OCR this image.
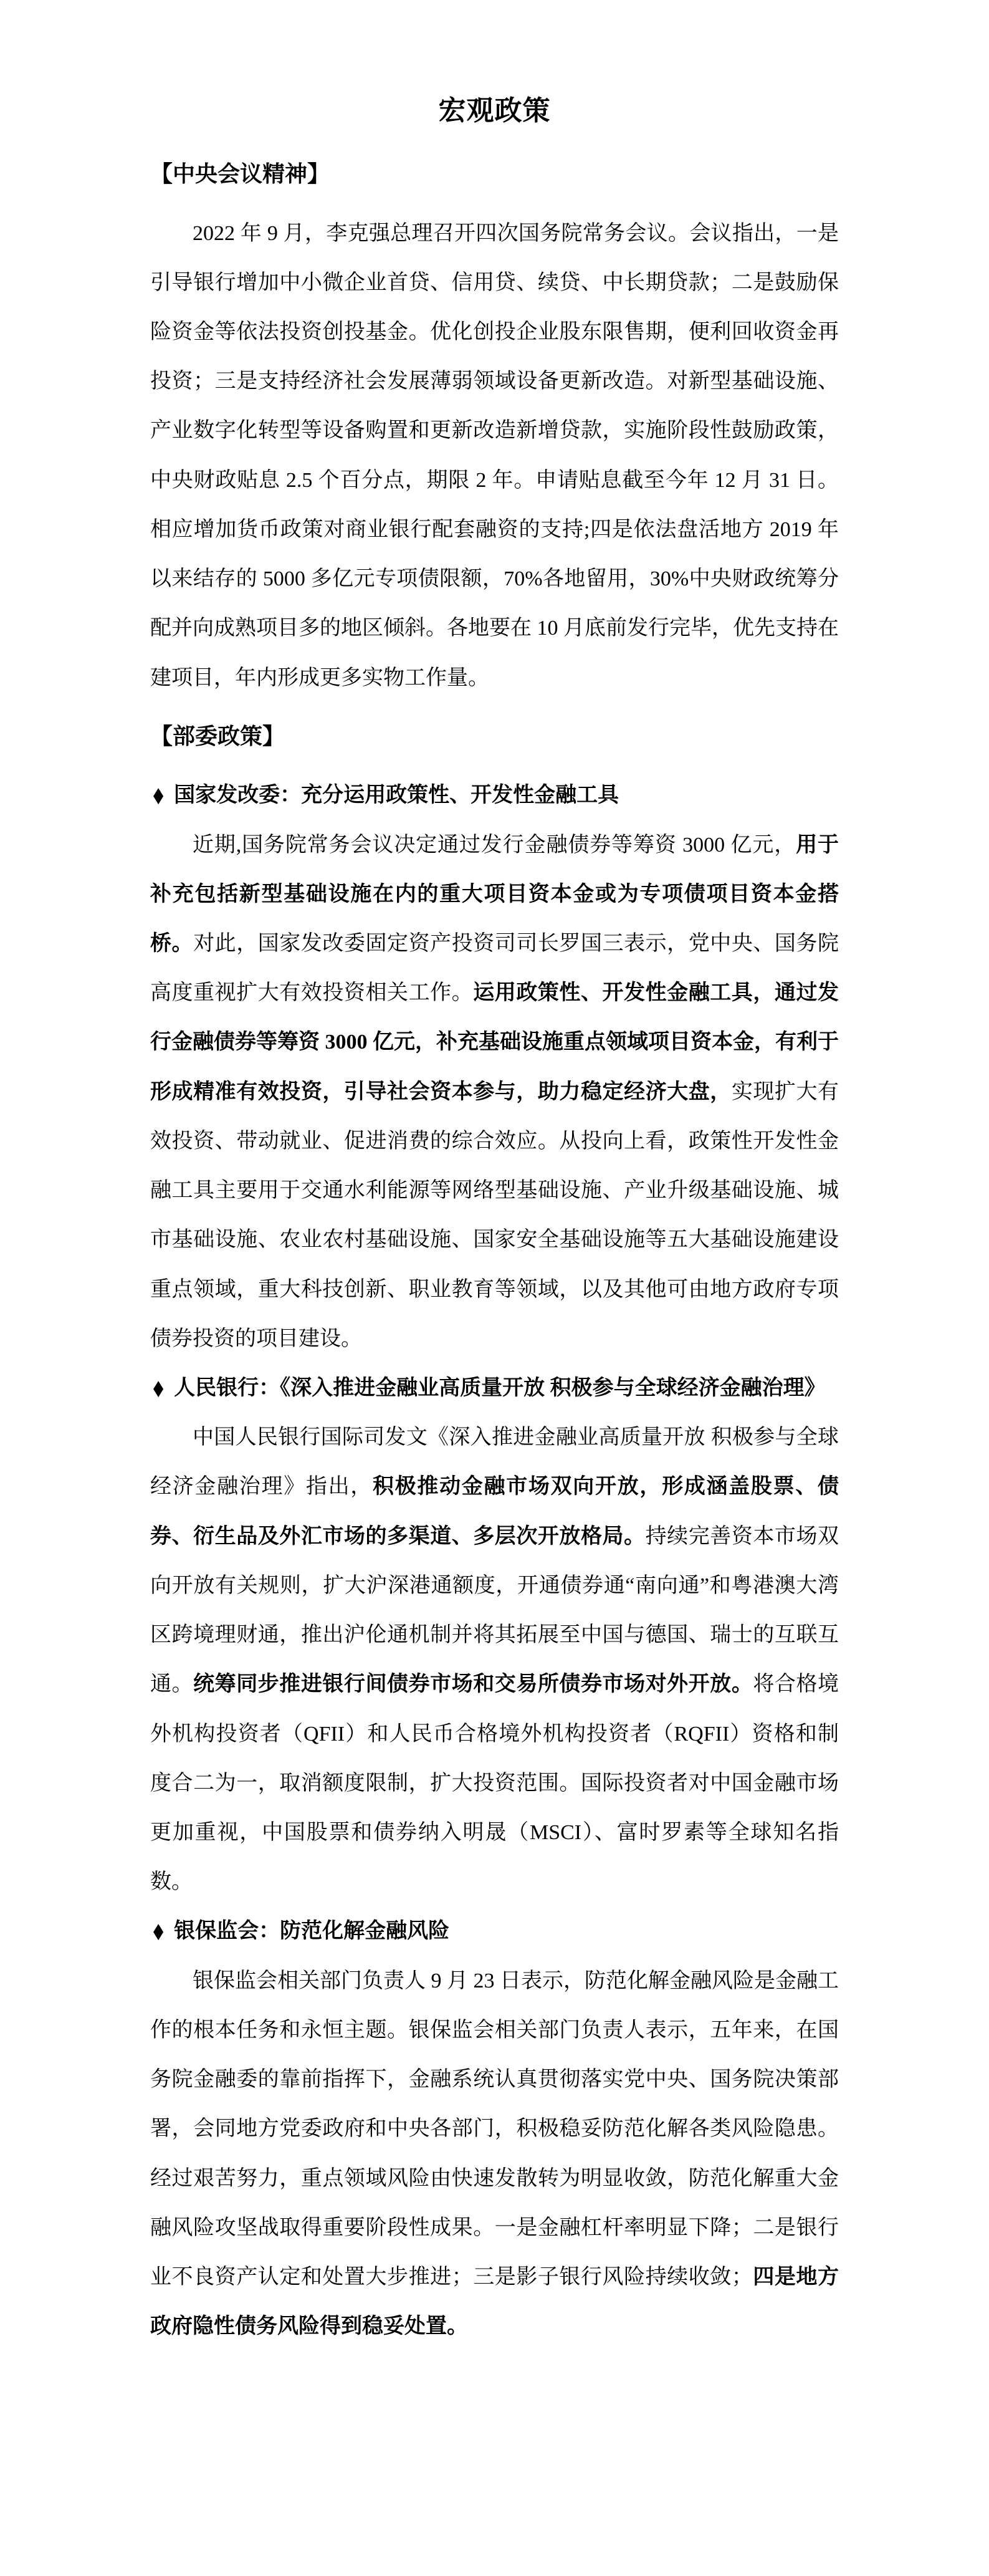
宏观政策
【中央会议精神】

2022 年 9 月，李克强总理召开四次国务院常务会议。会议指出，一是引导银行增加中小微企业首贷、信用贷、续贷、中长期贷款；二是鼓励保险资金等依法投资创投基金。优化创投企业股东限售期，便利回收资金再投资；三是支持经济社会发展薄弱领域设备更新改造。对新型基础设施、产业数字化转型等设备购置和更新改造新增贷款，实施阶段性鼓励政策，中央财政贴息 2.5 个百分点，期限 2 年。申请贴息截至今年 12 月 31 日。相应增加货币政策对商业银行配套融资的支持;四是依法盘活地方 2019 年以来结存的 5000 多亿元专项债限额，70%各地留用，30%中央财政统筹分配并向成熟项目多的地区倾斜。各地要在 10 月底前发行完毕，优先支持在建项目，年内形成更多实物工作量。

【部委政策】
◆ 国家发改委：充分运用政策性、开发性金融工具

近期,国务院常务会议决定通过发行金融债券等筹资 3000 亿元，用于补充包括新型基础设施在内的重大项目资本金或为专项债项目资本金搭桥。对此，国家发改委固定资产投资司司长罗国三表示，党中央、国务院高度重视扩大有效投资相关工作。运用政策性、开发性金融工具，通过发行金融债券等筹资 3000 亿元，补充基础设施重点领域项目资本金，有利于形成精准有效投资，引导社会资本参与，助力稳定经济大盘，实现扩大有效投资、带动就业、促进消费的综合效应。从投向上看，政策性开发性金融工具主要用于交通水利能源等网络型基础设施、产业升级基础设施、城市基础设施、农业农村基础设施、国家安全基础设施等五大基础设施建设重点领域，重大科技创新、职业教育等领域，以及其他可由地方政府专项债券投资的项目建设。

◆ 人民银行：《深入推进金融业高质量开放 积极参与全球经济金融治理》

中国人民银行国际司发文《深入推进金融业高质量开放 积极参与全球经济金融治理》指出，积极推动金融市场双向开放，形成涵盖股票、债券、衍生品及外汇市场的多渠道、多层次开放格局。持续完善资本市场双向开放有关规则，扩大沪深港通额度，开通债券通“南向通”和粤港澳大湾区跨境理财通，推出沪伦通机制并将其拓展至中国与德国、瑞士的互联互通。统筹同步推进银行间债券市场和交易所债券市场对外开放。将合格境外机构投资者（QFII）和人民币合格境外机构投资者（RQFII）资格和制度合二为一，取消额度限制，扩大投资范围。国际投资者对中国金融市场更加重视，中国股票和债券纳入明晟（MSCI）、富时罗素等全球知名指数。

◆ 银保监会：防范化解金融风险

银保监会相关部门负责人 9 月 23 日表示，防范化解金融风险是金融工作的根本任务和永恒主题。银保监会相关部门负责人表示，五年来，在国务院金融委的靠前指挥下，金融系统认真贯彻落实党中央、国务院决策部署，会同地方党委政府和中央各部门，积极稳妥防范化解各类风险隐患。经过艰苦努力，重点领域风险由快速发散转为明显收敛，防范化解重大金融风险攻坚战取得重要阶段性成果。一是金融杠杆率明显下降；二是银行业不良资产认定和处置大步推进；三是影子银行风险持续收敛；四是地方政府隐性债务风险得到稳妥处置。
